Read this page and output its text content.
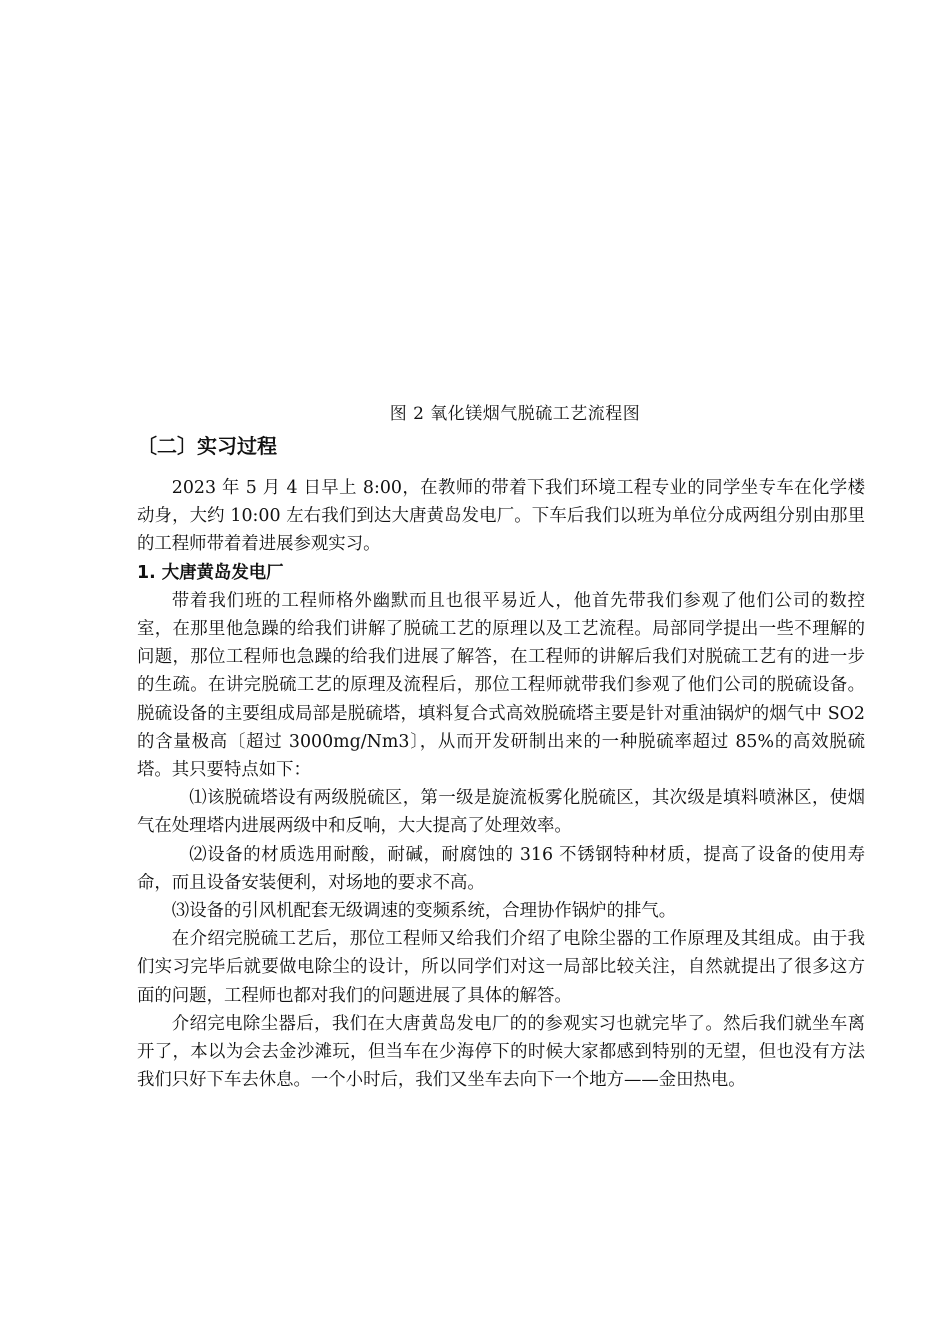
图 2 氧化镁烟气脱硫工艺流程图
〔二〕实习过程

2023 年 5 月 4 日早上 8:00，在教师的带着下我们环境工程专业的同学坐专车在化学楼动身，大约 10:00 左右我们到达大唐黄岛发电厂。下车后我们以班为单位分成两组分别由那里的工程师带着着进展参观实习。

1. 大唐黄岛发电厂

带着我们班的工程师格外幽默而且也很平易近人，他首先带我们参观了他们公司的数控室，在那里他急躁的给我们讲解了脱硫工艺的原理以及工艺流程。局部同学提出一些不理解的问题，那位工程师也急躁的给我们进展了解答，在工程师的讲解后我们对脱硫工艺有的进一步的生疏。在讲完脱硫工艺的原理及流程后，那位工程师就带我们参观了他们公司的脱硫设备。脱硫设备的主要组成局部是脱硫塔，填料复合式高效脱硫塔主要是针对重油锅炉的烟气中 SO2 的含量极高〔超过 3000mg/Nm3〕，从而开发研制出来的一种脱硫率超过 85%的高效脱硫塔。其只要特点如下：

⑴该脱硫塔设有两级脱硫区，第一级是旋流板雾化脱硫区，其次级是填料喷淋区，使烟气在处理塔内进展两级中和反响，大大提高了处理效率。

⑵设备的材质选用耐酸，耐碱，耐腐蚀的 316 不锈钢特种材质，提高了设备的使用寿命，而且设备安装便利，对场地的要求不高。

⑶设备的引风机配套无级调速的变频系统，合理协作锅炉的排气。

在介绍完脱硫工艺后，那位工程师又给我们介绍了电除尘器的工作原理及其组成。由于我们实习完毕后就要做电除尘的设计，所以同学们对这一局部比较关注，自然就提出了很多这方面的问题，工程师也都对我们的问题进展了具体的解答。

介绍完电除尘器后，我们在大唐黄岛发电厂的的参观实习也就完毕了。然后我们就坐车离开了，本以为会去金沙滩玩，但当车在少海停下的时候大家都感到特别的无望，但也没有方法我们只好下车去休息。一个小时后，我们又坐车去向下一个地方——金田热电。
